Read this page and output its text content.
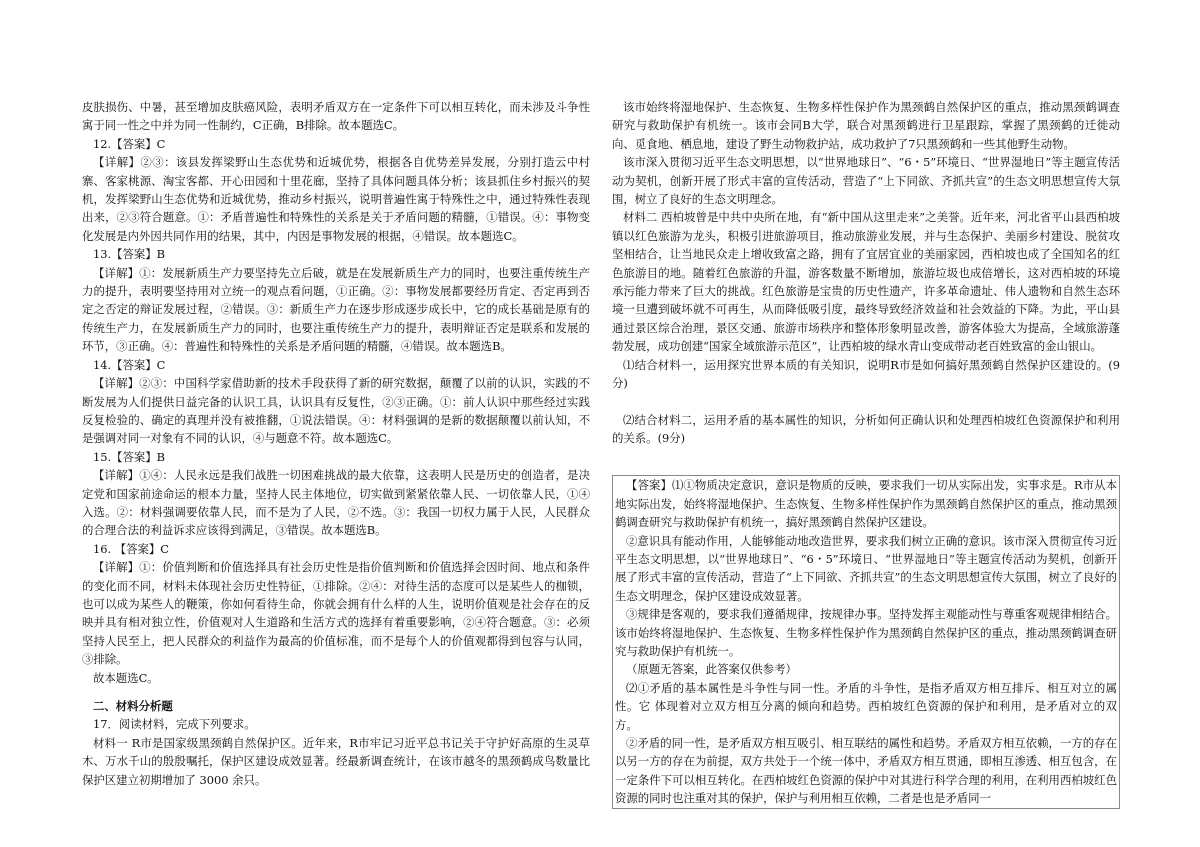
皮肤损伤、中暑，甚至增加皮肤癌风险，表明矛盾双方在一定条件下可以相互转化，而未涉及斗争性寓于同一性之中并为同一性制约，C正确，B排除。故本题选C。

12.【答案】C

【详解】②③：该县发挥梁野山生态优势和近城优势，根据各自优势差异发展，分别打造云中村寨、客家桃源、淘宝客都、开心田园和十里花廊，坚持了具体问题具体分析；该县抓住乡村振兴的契机，发挥梁野山生态优势和近城优势，推动乡村振兴，说明普遍性寓于特殊性之中，通过特殊性表现出来，②③符合题意。①：矛盾普遍性和特殊性的关系是关于矛盾问题的精髓，①错误。④：事物变化发展是内外因共同作用的结果，其中，内因是事物发展的根据，④错误。故本题选C。

13.【答案】B

【详解】①：发展新质生产力要坚持先立后破，就是在发展新质生产力的同时，也要注重传统生产力的提升，表明要坚持用对立统一的观点看问题，①正确。②：事物发展都要经历肯定、否定再到否定之否定的辩证发展过程，②错误。③：新质生产力在逐步形成逐步成长中，它的成长基础是原有的传统生产力，在发展新质生产力的同时，也要注重传统生产力的提升，表明辩证否定是联系和发展的环节，③正确。④：普遍性和特殊性的关系是矛盾问题的精髓，④错误。故本题选B。

14.【答案】C

【详解】②③：中国科学家借助新的技术手段获得了新的研究数据，颠覆了以前的认识，实践的不断发展为人们提供日益完备的认识工具，认识具有反复性，②③正确。①：前人认识中那些经过实践反复检验的、确定的真理并没有被推翻，①说法错误。④：材料强调的是新的数据颠覆以前认知，不是强调对同一对象有不同的认识，④与题意不符。故本题选C。

15.【答案】B

【详解】①④：人民永远是我们战胜一切困难挑战的最大依靠，这表明人民是历史的创造者，是决定党和国家前途命运的根本力量，坚持人民主体地位，切实做到紧紧依靠人民、一切依靠人民，①④入选。②：材料强调要依靠人民，而不是为了人民，②不选。③：我国一切权力属于人民，人民群众的合理合法的利益诉求应该得到满足，③错误。故本题选B。

16. 【答案】C

【详解】①：价值判断和价值选择具有社会历史性是指价值判断和价值选择会因时间、地点和条件的变化而不同，材料未体现社会历史性特征，①排除。②④：对待生活的态度可以是某些人的枷锁，也可以成为某些人的鞭策，你如何看待生命，你就会拥有什么样的人生，说明价值观是社会存在的反映并具有相对独立性，价值观对人生道路和生活方式的选择有着重要影响，②④符合题意。③：必须坚持人民至上，把人民群众的利益作为最高的价值标准，而不是每个人的价值观都得到包容与认同，③排除。

故本题选C。

二、材料分析题

17．阅读材料，完成下列要求。

材料一 R市是国家级黑颈鹤自然保护区。近年来，R市牢记习近平总书记关于守护好高原的生灵草木、万水千山的殷殷嘱托，保护区建设成效显著。经最新调查统计，在该市越冬的黑颈鹤成鸟数量比保护区建立初期增加了 3000 余只。

该市始终将湿地保护、生态恢复、生物多样性保护作为黑颈鹤自然保护区的重点，推动黑颈鹤调查研究与救助保护有机统一。该市会同B大学，联合对黑颈鹤进行卫星跟踪，掌握了黑颈鹤的迁徙动向、觅食地、栖息地，建设了野生动物救护站，成功救护了7只黑颈鹤和一些其他野生动物。

该市深入贯彻习近平生态文明思想，以“世界地球日”、“6・5”环境日、“世界湿地日”等主题宣传活动为契机，创新开展了形式丰富的宣传活动，营造了“上下同欲、齐抓共宣”的生态文明思想宣传大氛围，树立了良好的生态文明理念。

材料二 西柏坡曾是中共中央所在地，有“新中国从这里走来”之美誉。近年来，河北省平山县西柏坡镇以红色旅游为龙头，积极引进旅游项目，推动旅游业发展，并与生态保护、美丽乡村建设、脱贫攻坚相结合，让当地民众走上增收致富之路，拥有了宜居宜业的美丽家园，西柏坡也成了全国知名的红色旅游目的地。随着红色旅游的升温，游客数量不断增加，旅游垃圾也成倍增长，这对西柏坡的环境承污能力带来了巨大的挑战。红色旅游是宝贵的历史性遗产，许多革命遗址、伟人遗物和自然生态环境一旦遭到破坏就不可再生，从而降低吸引度，最终导致经济效益和社会效益的下降。为此，平山县通过景区综合治理，景区交通、旅游市场秩序和整体形象明显改善，游客体验大为提高，全域旅游蓬勃发展，成功创建“国家全域旅游示范区”，让西柏坡的绿水青山变成带动老百姓致富的金山银山。

⑴结合材料一，运用探究世界本质的有关知识，说明R市是如何搞好黑颈鹤自然保护区建设的。(9分)

⑵结合材料二，运用矛盾的基本属性的知识，分析如何正确认识和处理西柏坡红色资源保护和利用的关系。(9分)

【答案】⑴①物质决定意识，意识是物质的反映，要求我们一切从实际出发，实事求是。R市从本地实际出发，始终将湿地保护、生态恢复、生物多样性保护作为黑颈鹤自然保护区的重点，推动黑颈鹤调查研究与救助保护有机统一，搞好黑颈鹤自然保护区建设。

②意识具有能动作用，人能够能动地改造世界，要求我们树立正确的意识。该市深入贯彻宣传习近平生态文明思想，以“世界地球日”、“6・5”环境日、“世界湿地日”等主题宣传活动为契机，创新开展了形式丰富的宣传活动，营造了“上下同欲、齐抓共宣”的生态文明思想宣传大氛围，树立了良好的生态文明理念，保护区建设成效显著。

③规律是客观的，要求我们遵循规律，按规律办事。坚持发挥主观能动性与尊重客观规律相结合。该市始终将湿地保护、生态恢复、生物多样性保护作为黑颈鹤自然保护区的重点，推动黑颈鹤调查研究与救助保护有机统一。

（原题无答案，此答案仅供参考）

⑵①矛盾的基本属性是斗争性与同一性。矛盾的斗争性，是指矛盾双方相互排斥、相互对立的属性。它 体现着对立双方相互分离的倾向和趋势。西柏坡红色资源的保护和利用，是矛盾对立的双方。

②矛盾的同一性，是矛盾双方相互吸引、相互联结的属性和趋势。矛盾双方相互依赖，一方的存在以另一方的存在为前提，双方共处于一个统一体中，矛盾双方相互贯通，即相互渗透、相互包含，在一定条件下可以相互转化。在西柏坡红色资源的保护中对其进行科学合理的利用，在利用西柏坡红色资源的同时也注重对其的保护，保护与利用相互依赖，二者是也是矛盾同一
